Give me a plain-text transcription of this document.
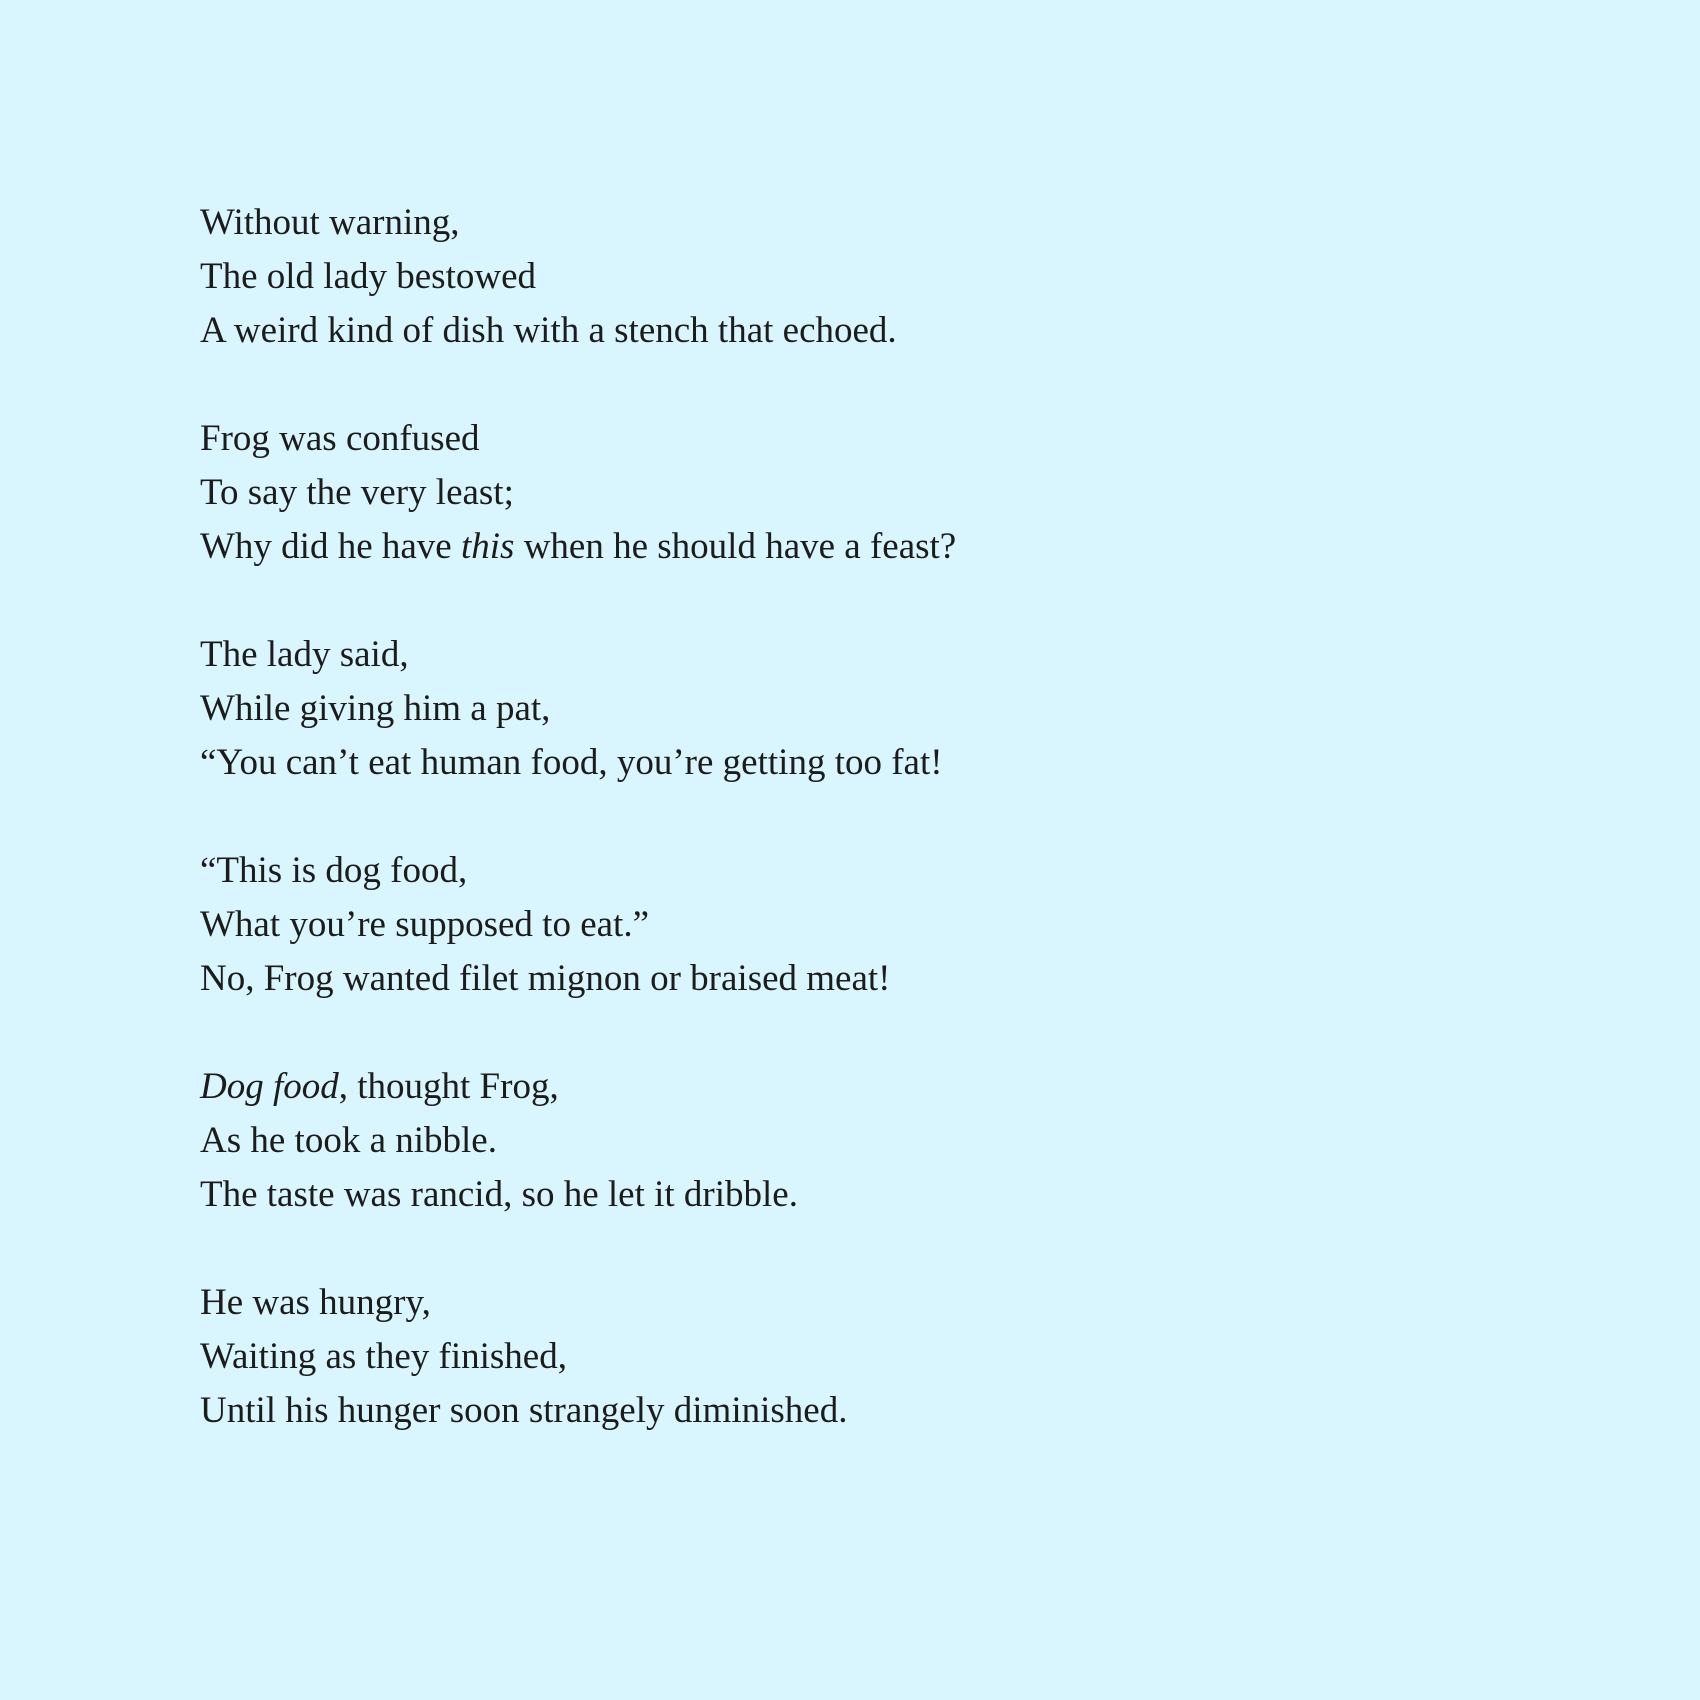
Without warning,
The old lady bestowed
A weird kind of dish with a stench that echoed.
Frog was confused
To say the very least;
Why did he have this when he should have a feast?
The lady said,
While giving him a pat,
“You can’t eat human food, you’re getting too fat!
“This is dog food,
What you’re supposed to eat.”
No, Frog wanted filet mignon or braised meat!
Dog food, thought Frog,
As he took a nibble.
The taste was rancid, so he let it dribble.
He was hungry,
Waiting as they finished,
Until his hunger soon strangely diminished.
